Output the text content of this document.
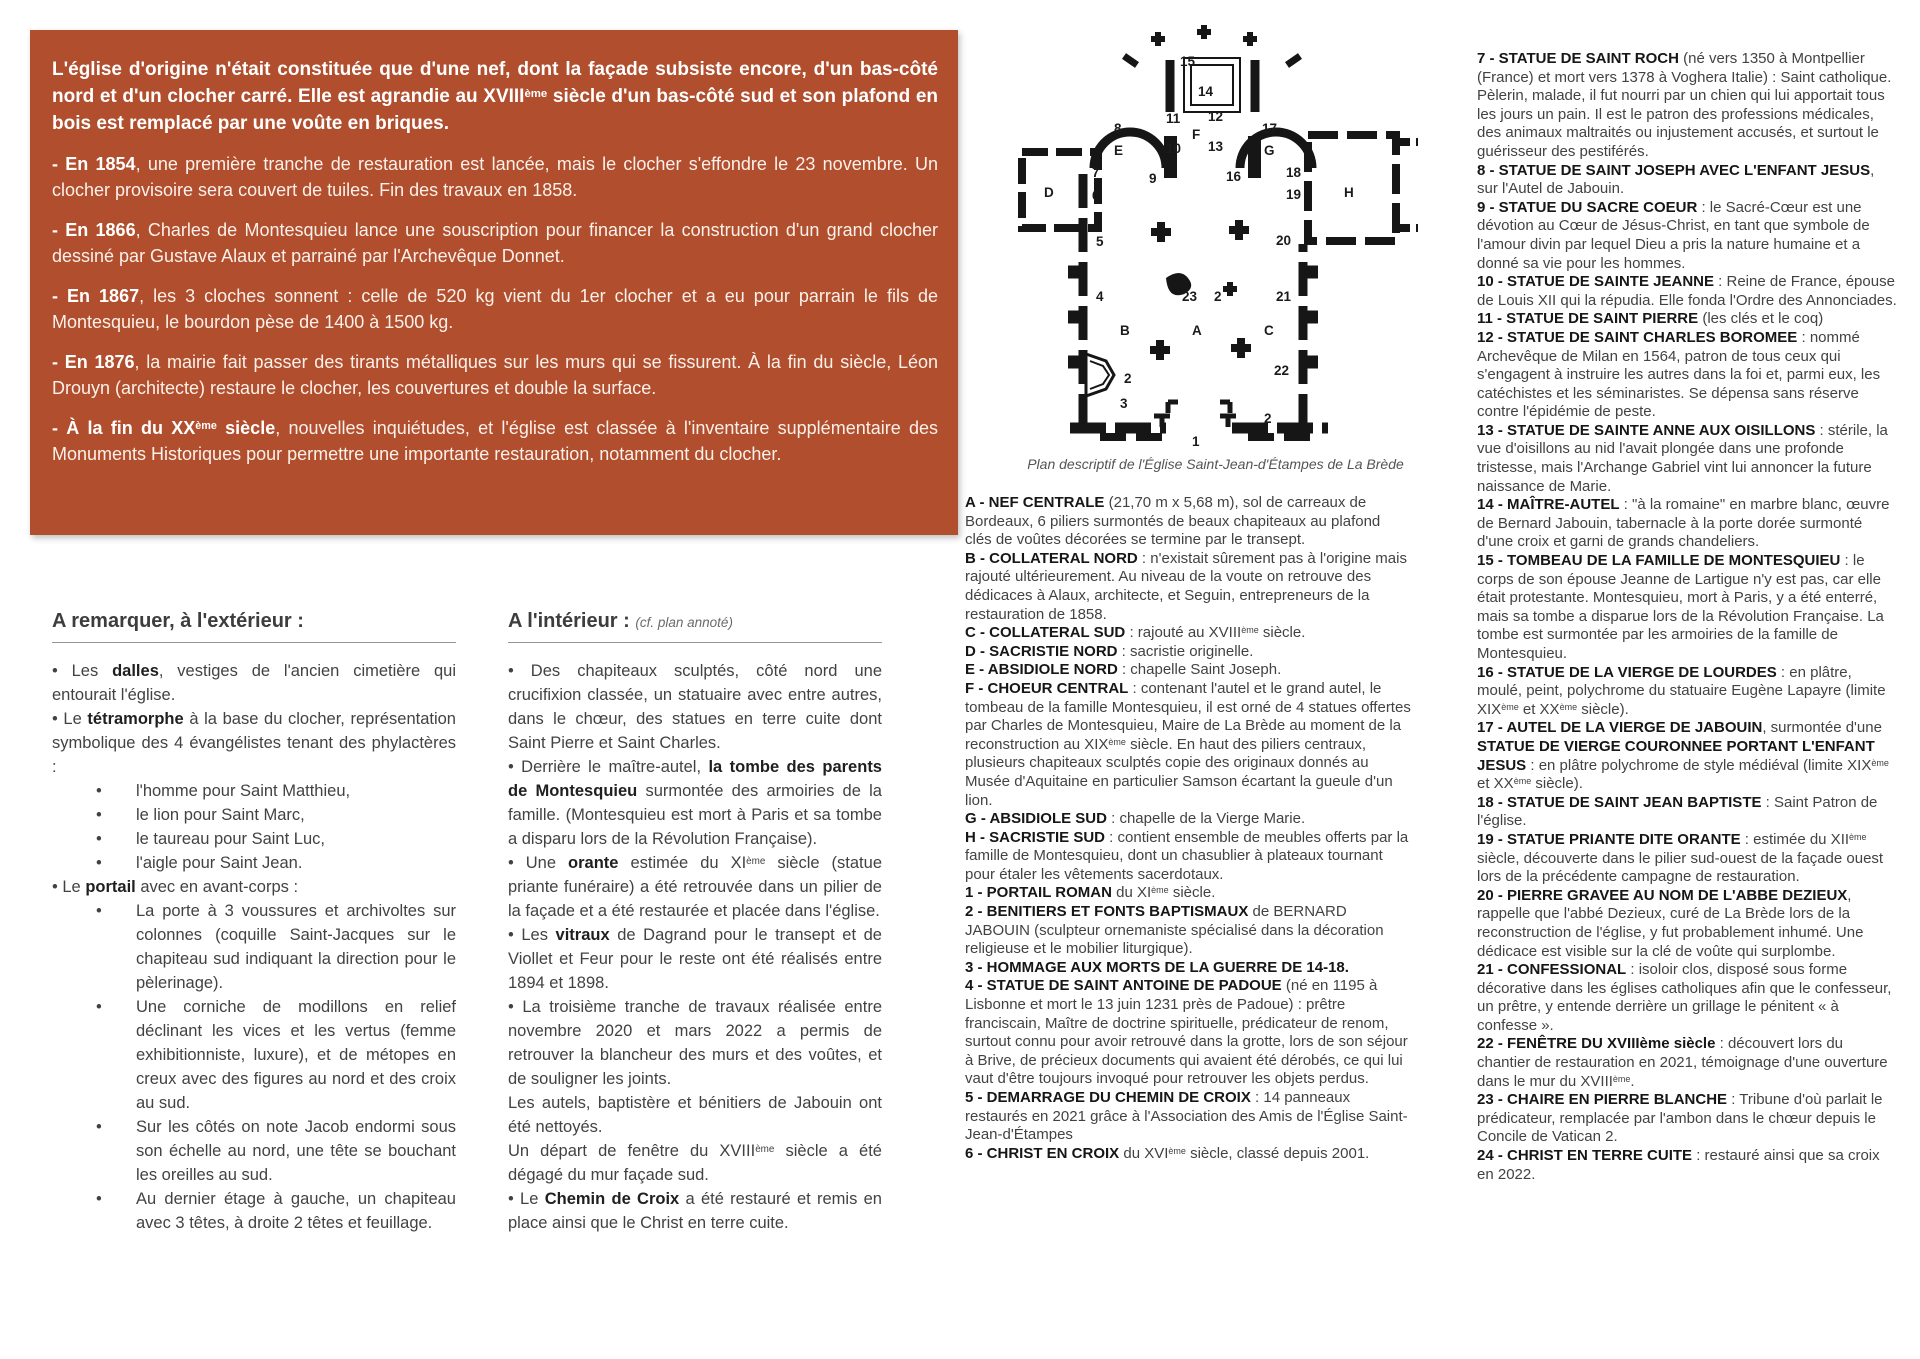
L'église d'origine n'était constituée que d'une nef, dont la façade subsiste encore, d'un bas-côté nord et d'un clocher carré. Elle est agrandie au XVIIIème siècle d'un bas-côté sud et son plafond en bois est remplacé par une voûte en briques.

- En 1854, une première tranche de restauration est lancée, mais le clocher s'effondre le 23 novembre. Un clocher provisoire sera couvert de tuiles. Fin des travaux en 1858.

- En 1866, Charles de Montesquieu lance une souscription pour financer la construction d'un grand clocher dessiné par Gustave Alaux et parrainé par l'Archevêque Donnet.

- En 1867, les 3 cloches sonnent : celle de 520 kg vient du 1er clocher et a eu pour parrain le fils de Montesquieu, le bourdon pèse de 1400 à 1500 kg.

- En 1876, la mairie fait passer des tirants métalliques sur les murs qui se fissurent. À la fin du siècle, Léon Drouyn (architecte) restaure le clocher, les couvertures et double la surface.

- À la fin du XXème siècle, nouvelles inquiétudes, et l'église est classée à l'inventaire supplémentaire des Monuments Historiques pour permettre une importante restauration, notamment du clocher.

A remarquer, à l'extérieur :

• Les dalles, vestiges de l'ancien cimetière qui entourait l'église.

• Le tétramorphe à la base du clocher, représentation symbolique des 4 évangélistes tenant des phylactères :

• l'homme pour Saint Matthieu,

• le lion pour Saint Marc,

• le taureau pour Saint Luc,

• l'aigle pour Saint Jean.

• Le portail avec en avant-corps :

• La porte à 3 voussures et archivoltes sur colonnes (coquille Saint-Jacques sur le chapiteau sud indiquant la direction pour le pèlerinage).

• Une corniche de modillons en relief déclinant les vices et les vertus (femme exhibitionniste, luxure), et de métopes en creux avec des figures au nord et des croix au sud.

• Sur les côtés on note Jacob endormi sous son échelle au nord, une tête se bouchant les oreilles au sud.

• Au dernier étage à gauche, un chapiteau avec 3 têtes, à droite 2 têtes et feuillage.

A l'intérieur : (cf. plan annoté)

• Des chapiteaux sculptés, côté nord une crucifixion classée, un statuaire avec entre autres, dans le chœur, des statues en terre cuite dont Saint Pierre et Saint Charles.

• Derrière le maître-autel, la tombe des parents de Montesquieu surmontée des armoiries de la famille. (Montesquieu est mort à Paris et sa tombe a disparu lors de la Révolution Française).

• Une orante estimée du XIème siècle (statue priante funéraire) a été retrouvée dans un pilier de la façade et a été restaurée et placée dans l'église.

• Les vitraux de Dagrand pour le transept et de Viollet et Feur pour le reste ont été réalisés entre 1894 et 1898.

• La troisième tranche de travaux réalisée entre novembre 2020 et mars 2022 a permis de retrouver la blancheur des murs et des voûtes, et de souligner les joints.

Les autels, baptistère et bénitiers de Jabouin ont été nettoyés.

Un départ de fenêtre du XVIIIème siècle a été dégagé du mur façade sud.

• Le Chemin de Croix a été restauré et remis en place ainsi que le Christ en terre cuite.

15
14
11 12
8
E
F	17
10 13	G
7	9	16	18
D	6	19	H
5	20
4	23 2	21
B	A	C
22
2
3
1
2
Plan descriptif de l'Église Saint-Jean-d'Étampes de La Brède

A - NEF CENTRALE (21,70 m x 5,68 m), sol de carreaux de Bordeaux, 6 piliers surmontés de beaux chapiteaux au plafond clés de voûtes décorées se termine par le transept.

B - COLLATERAL NORD : n'existait sûrement pas à l'origine mais rajouté ultérieurement. Au niveau de la voute on retrouve des dédicaces à Alaux, architecte, et Seguin, entrepreneurs de la restauration de 1858.

C - COLLATERAL SUD : rajouté au XVIIIème siècle.

D - SACRISTIE NORD : sacristie originelle.

E - ABSIDIOLE NORD : chapelle Saint Joseph.

F - CHOEUR CENTRAL : contenant l'autel et le grand autel, le tombeau de la famille Montesquieu, il est orné de 4 statues offertes par Charles de Montesquieu, Maire de La Brède au moment de la reconstruction au XIXème siècle. En haut des piliers centraux, plusieurs chapiteaux sculptés copie des originaux donnés au Musée d'Aquitaine en particulier Samson écartant la gueule d'un lion.

G - ABSIDIOLE SUD : chapelle de la Vierge Marie.

H - SACRISTIE SUD : contient ensemble de meubles offerts par la famille de Montesquieu, dont un chasublier à plateaux tournant pour étaler les vêtements sacerdotaux.

1 - PORTAIL ROMAN du XIème siècle.

2 - BENITIERS ET FONTS BAPTISMAUX de BERNARD JABOUIN (sculpteur ornemaniste spécialisé dans la décoration religieuse et le mobilier liturgique).

3 - HOMMAGE AUX MORTS DE LA GUERRE DE 14-18.

4 - STATUE DE SAINT ANTOINE DE PADOUE (né en 1195 à Lisbonne et mort le 13 juin 1231 près de Padoue) : prêtre franciscain, Maître de doctrine spirituelle, prédicateur de renom, surtout connu pour avoir retrouvé dans la grotte, lors de son séjour à Brive, de précieux documents qui avaient été dérobés, ce qui lui vaut d'être toujours invoqué pour retrouver les objets perdus.

5 - DEMARRAGE DU CHEMIN DE CROIX : 14 panneaux restaurés en 2021 grâce à l'Association des Amis de l'Église Saint-Jean-d'Étampes

6 - CHRIST EN CROIX du XVIème siècle, classé depuis 2001.

7 - STATUE DE SAINT ROCH (né vers 1350 à Montpellier (France) et mort vers 1378 à Voghera Italie) : Saint catholique. Pèlerin, malade, il fut nourri par un chien qui lui apportait tous les jours un pain. Il est le patron des professions médicales, des animaux maltraités ou injustement accusés, et surtout le guérisseur des pestiférés.

8 - STATUE DE SAINT JOSEPH AVEC L'ENFANT JESUS, sur l'Autel de Jabouin.

9 - STATUE DU SACRE COEUR : le Sacré-Cœur est une dévotion au Cœur de Jésus-Christ, en tant que symbole de l'amour divin par lequel Dieu a pris la nature humaine et a donné sa vie pour les hommes.

10 - STATUE DE SAINTE JEANNE : Reine de France, épouse de Louis XII qui la répudia. Elle fonda l'Ordre des Annonciades.

11 - STATUE DE SAINT PIERRE (les clés et le coq)

12 - STATUE DE SAINT CHARLES BOROMEE : nommé Archevêque de Milan en 1564, patron de tous ceux qui s'engagent à instruire les autres dans la foi et, parmi eux, les catéchistes et les séminaristes. Se dépensa sans réserve contre l'épidémie de peste.

13 - STATUE DE SAINTE ANNE AUX OISILLONS : stérile, la vue d'oisillons au nid l'avait plongée dans une profonde tristesse, mais l'Archange Gabriel vint lui annoncer la future naissance de Marie.

14 - MAÎTRE-AUTEL : "à la romaine" en marbre blanc, œuvre de Bernard Jabouin, tabernacle à la porte dorée surmonté d'une croix et garni de grands chandeliers.

15 - TOMBEAU DE LA FAMILLE DE MONTESQUIEU : le corps de son épouse Jeanne de Lartigue n'y est pas, car elle était protestante. Montesquieu, mort à Paris, y a été enterré, mais sa tombe a disparue lors de la Révolution Française. La tombe est surmontée par les armoiries de la famille de Montesquieu.

16 - STATUE DE LA VIERGE DE LOURDES : en plâtre, moulé, peint, polychrome du statuaire Eugène Lapayre (limite XIXème et XXème siècle).

17 - AUTEL DE LA VIERGE DE JABOUIN, surmontée d'une STATUE DE VIERGE COURONNEE PORTANT L'ENFANT JESUS : en plâtre polychrome de style médiéval (limite XIXème et XXème siècle).

18 - STATUE DE SAINT JEAN BAPTISTE : Saint Patron de l'église.

19 - STATUE PRIANTE DITE ORANTE : estimée du XIIème siècle, découverte dans le pilier sud-ouest de la façade ouest lors de la précédente campagne de restauration.

20 - PIERRE GRAVEE AU NOM DE L'ABBE DEZIEUX, rappelle que l'abbé Dezieux, curé de La Brède lors de la reconstruction de l'église, y fut probablement inhumé. Une dédicace est visible sur la clé de voûte qui surplombe.

21 - CONFESSIONAL : isoloir clos, disposé sous forme décorative dans les églises catholiques afin que le confesseur, un prêtre, y entende derrière un grillage le pénitent « à confesse ».

22 - FENÊTRE DU XVIIIème siècle : découvert lors du chantier de restauration en 2021, témoignage d'une ouverture dans le mur du XVIIIème.

23 - CHAIRE EN PIERRE BLANCHE : Tribune d'où parlait le prédicateur, remplacée par l'ambon dans le chœur depuis le Concile de Vatican 2.

24 - CHRIST EN TERRE CUITE : restauré ainsi que sa croix en 2022.
